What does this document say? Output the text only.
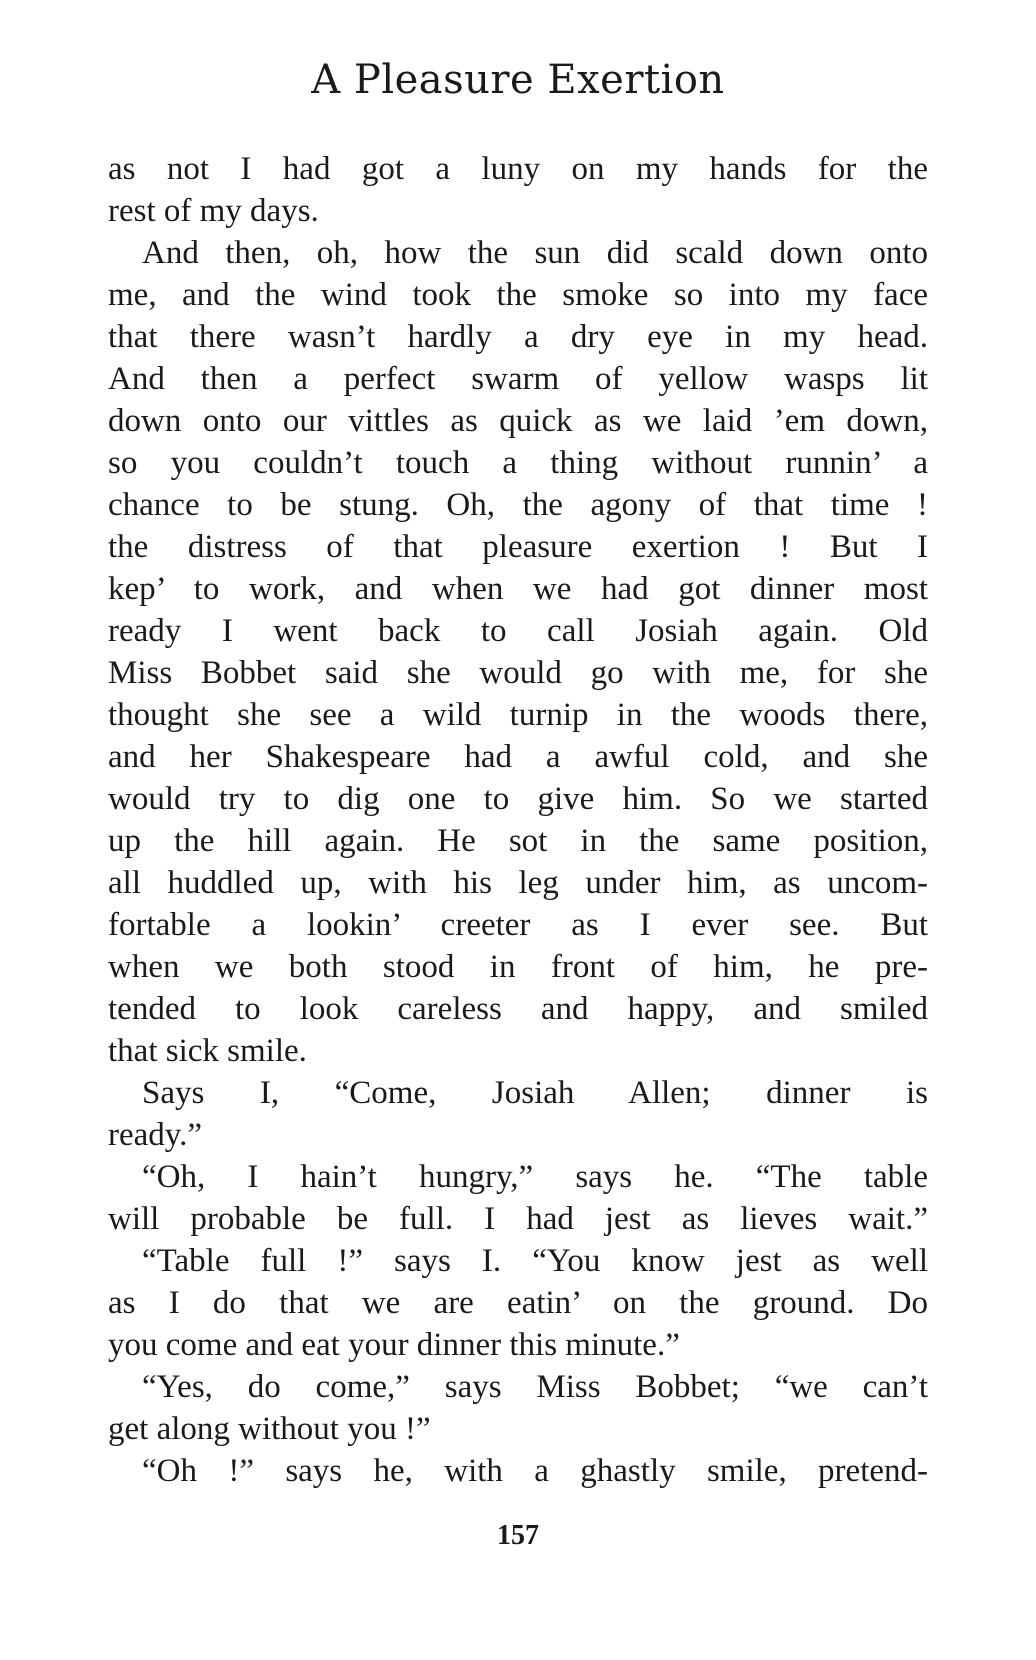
A Pleasure Exertion
as not I had got a luny on my hands for the
rest of my days.
And then, oh, how the sun did scald down onto
me, and the wind took the smoke so into my face
that there wasn’t hardly a dry eye in my head.
And then a perfect swarm of yellow wasps lit
down onto our vittles as quick as we laid ’em down,
so you couldn’t touch a thing without runnin’ a
chance to be stung. Oh, the agony of that time !
the distress of that pleasure exertion ! But I
kep’ to work, and when we had got dinner most
ready I went back to call Josiah again. Old
Miss Bobbet said she would go with me, for she
thought she see a wild turnip in the woods there,
and her Shakespeare had a awful cold, and she
would try to dig one to give him. So we started
up the hill again. He sot in the same position,
all huddled up, with his leg under him, as uncom-
fortable a lookin’ creeter as I ever see. But
when we both stood in front of him, he pre-
tended to look careless and happy, and smiled
that sick smile.
Says I, “Come, Josiah Allen; dinner is
ready.”
“Oh, I hain’t hungry,” says he. “The table
will probable be full. I had jest as lieves wait.”
“Table full !” says I. “You know jest as well
as I do that we are eatin’ on the ground. Do
you come and eat your dinner this minute.”
“Yes, do come,” says Miss Bobbet; “we can’t
get along without you !”
“Oh !” says he, with a ghastly smile, pretend-
157
